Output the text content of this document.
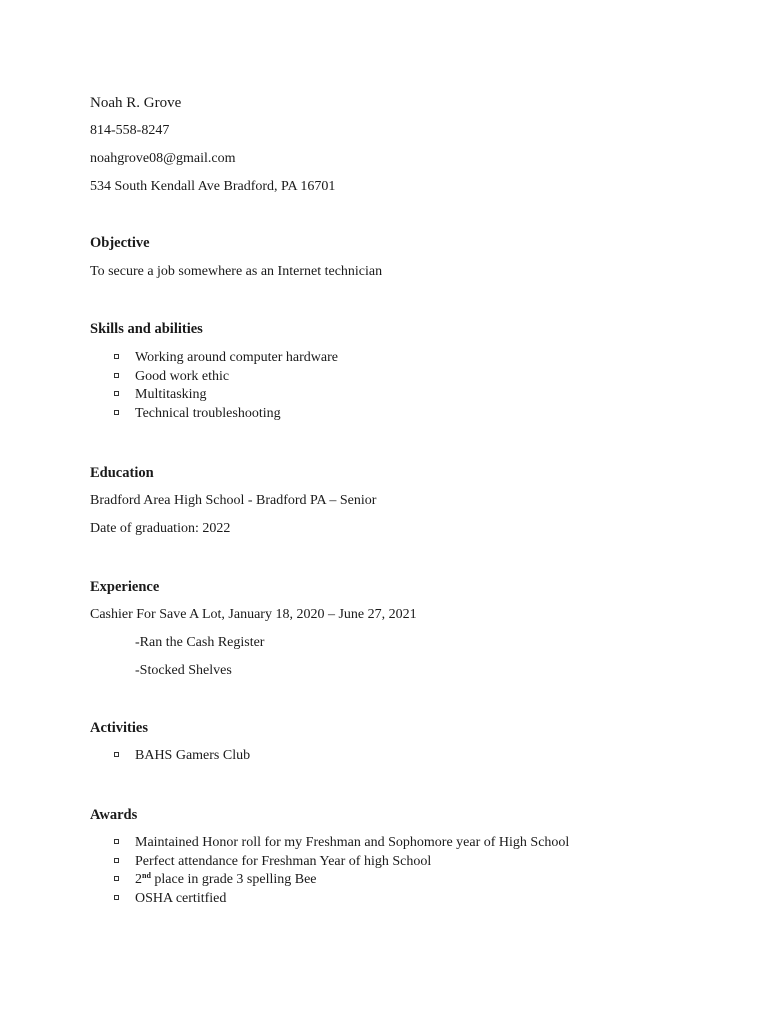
Noah R. Grove
814-558-8247
noahgrove08@gmail.com
534 South Kendall Ave Bradford, PA 16701
Objective
To secure a job somewhere as an Internet technician
Skills and abilities
Working around computer hardware
Good work ethic
Multitasking
Technical troubleshooting
Education
Bradford Area High School - Bradford PA – Senior
Date of graduation: 2022
Experience
Cashier For Save A Lot, January 18, 2020 – June 27, 2021
-Ran the Cash Register
-Stocked Shelves
Activities
BAHS Gamers Club
Awards
Maintained Honor roll for my Freshman and Sophomore year of High School
Perfect attendance for Freshman Year of high School
2nd place in grade 3 spelling Bee
OSHA certitfied
